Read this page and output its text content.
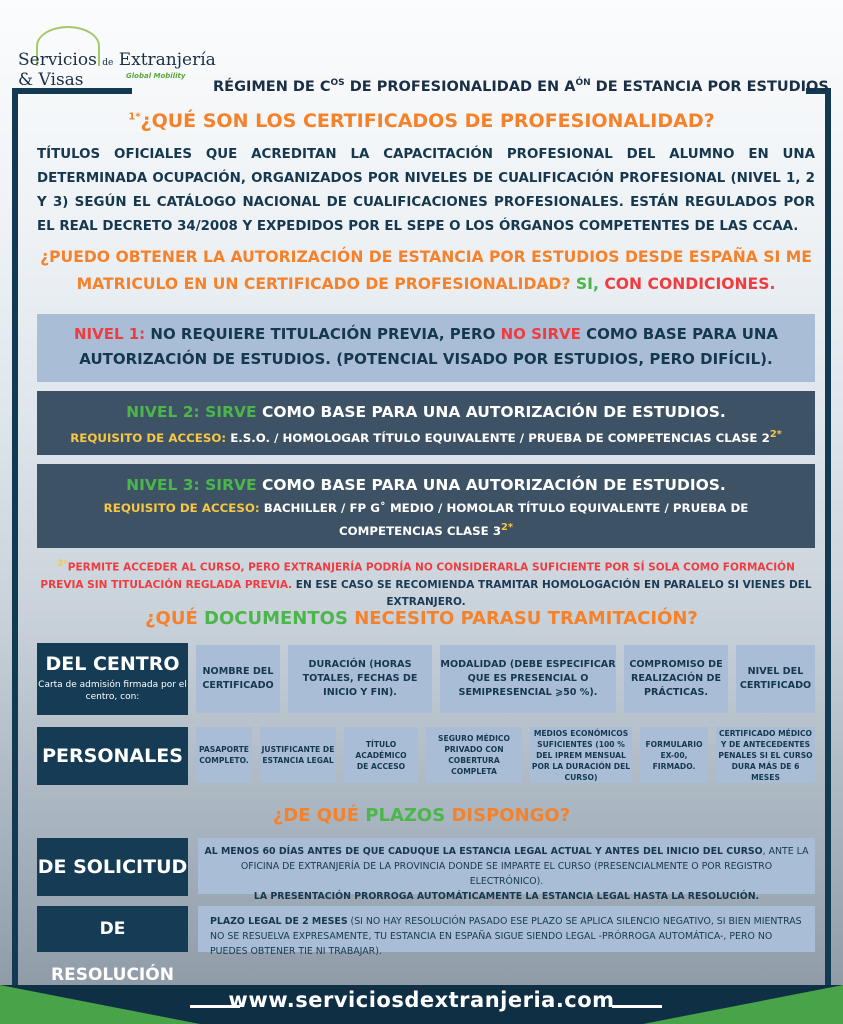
Servicios de Extranjería
& Visas	Global Mobility
RÉGIMEN DE $C^{OS}$ DE PROFESIONALIDAD EN $A^{ÓN}$ DE ESTANCIA POR ESTUDIOS
$^{1*}$¿QUÉ SON LOS CERTIFICADOS DE PROFESIONALIDAD?
TÍTULOS OFICIALES QUE ACREDITAN LA CAPACITACIÓN PROFESIONAL DEL ALUMNO EN UNA DETERMINADA OCUPACIÓN, ORGANIZADOS POR NIVELES DE CUALIFICACIÓN PROFESIONAL (NIVEL 1, 2 Y 3) SEGÚN EL CATÁLOGO NACIONAL DE CUALIFICACIONES PROFESIONALES. ESTÁN REGULADOS POR EL REAL DECRETO 34/2008 Y EXPEDIDOS POR EL SEPE O LOS ÓRGANOS COMPETENTES DE LAS CCAA.
¿PUEDO OBTENER LA AUTORIZACIÓN DE ESTANCIA POR ESTUDIOS DESDE ESPAÑA SI ME MATRICULO EN UN CERTIFICADO DE PROFESIONALIDAD? SI, CON CONDICIONES.
NIVEL 1: NO REQUIERE TITULACIÓN PREVIA, PERO NO SIRVE COMO BASE PARA UNA AUTORIZACIÓN DE ESTUDIOS. (POTENCIAL VISADO POR ESTUDIOS, PERO DIFÍCIL).
NIVEL 2: SIRVE COMO BASE PARA UNA AUTORIZACIÓN DE ESTUDIOS.
REQUISITO DE ACCESO: E.S.O. / HOMOLOGAR TÍTULO EQUIVALENTE / PRUEBA DE COMPETENCIAS CLASE $2^{2*}$
NIVEL 3: SIRVE COMO BASE PARA UNA AUTORIZACIÓN DE ESTUDIOS.
REQUISITO DE ACCESO: BACHILLER / FP G˚ MEDIO / HOMOLAR TÍTULO EQUIVALENTE / PRUEBA DE COMPETENCIAS CLASE $3^{2*}$
$^{2*}$PERMITE ACCEDER AL CURSO, PERO EXTRANJERÍA PODRÍA NO CONSIDERARLA SUFICIENTE POR SÍ SOLA COMO FORMACIÓN PREVIA SIN TITULACIÓN REGLADA PREVIA. EN ESE CASO SE RECOMIENDA TRAMITAR HOMOLOGACIÓN EN PARALELO SI VIENES DEL EXTRANJERO.
¿QUÉ DOCUMENTOS NECESITO PARASU TRAMITACIÓN?
DEL CENTRO
Carta de admisión firmada por el centro, con:
NOMBRE DEL CERTIFICADO
DURACIÓN (HORAS TOTALES, FECHAS DE INICIO Y FIN).
MODALIDAD (DEBE ESPECIFICAR QUE ES PRESENCIAL O SEMIPRESENCIAL ⩾50 %).
COMPROMISO DE REALIZACIÓN DE PRÁCTICAS.
NIVEL DEL CERTIFICADO
PERSONALES	PASAPORTE COMPLETO.
JUSTIFICANTE DE ESTANCIA LEGAL
TÍTULO ACADÉMICO DE ACCESO
SEGURO MÉDICO PRIVADO CON COBERTURA COMPLETA
MEDIOS ECONÓMICOS SUFICIENTES (100 % DEL IPREM MENSUAL POR LA DURACIÓN DEL CURSO)
FORMULARIO EX-00, FIRMADO.
CERTIFICADO MÉDICO Y DE ANTECEDENTES PENALES SI EL CURSO DURA MÁS DE 6 MESES
¿DE QUÉ PLAZOS DISPONGO?
DE SOLICITUD
AL MENOS 60 DÍAS ANTES DE QUE CADUQUE LA ESTANCIA LEGAL ACTUAL Y ANTES DEL INICIO DEL CURSO, ANTE LA OFICINA DE EXTRANJERÍA DE LA PROVINCIA DONDE SE IMPARTE EL CURSO (PRESENCIALMENTE O POR REGISTRO ELECTRÓNICO).
LA PRESENTACIÓN PRORROGA AUTOMÁTICAMENTE LA ESTANCIA LEGAL HASTA LA RESOLUCIÓN.
DE RESOLUCIÓN
PLAZO LEGAL DE 2 MESES (SI NO HAY RESOLUCIÓN PASADO ESE PLAZO SE APLICA SILENCIO NEGATIVO, SI BIEN MIENTRAS NO SE RESUELVA EXPRESAMENTE, TU ESTANCIA EN ESPAÑA SIGUE SIENDO LEGAL -PRÓRROGA AUTOMÁTICA-, PERO NO PUEDES OBTENER TIE NI TRABAJAR).
www.serviciosdextranjeria.com
